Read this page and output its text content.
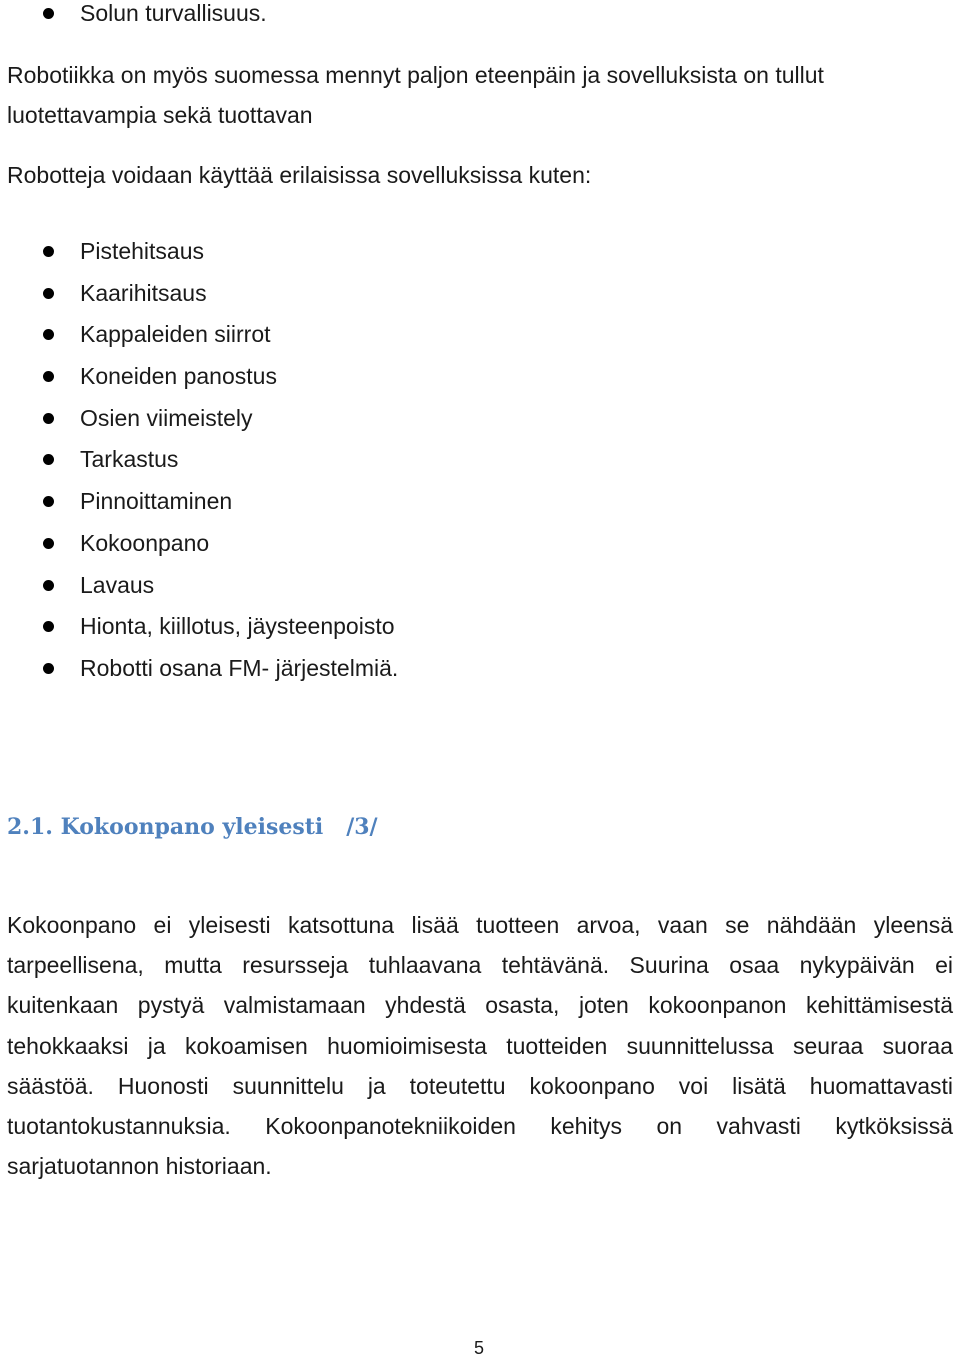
Solun turvallisuus.

Robotiikka on myös suomessa mennyt paljon eteenpäin ja sovelluksista on tullut luotettavampia sekä tuottavan

Robotteja voidaan käyttää erilaisissa sovelluksissa kuten:

Pistehitsaus
Kaarihitsaus
Kappaleiden siirrot
Koneiden panostus
Osien viimeistely
Tarkastus
Pinnoittaminen
Kokoonpano
Lavaus
Hionta, kiillotus, jäysteenpoisto
Robotti osana FM- järjestelmiä.
2.1. Kokoonpano yleisesti   /3/

Kokoonpano ei yleisesti katsottuna lisää tuotteen arvoa, vaan se nähdään yleensä tarpeellisena, mutta resursseja tuhlaavana tehtävänä. Suurina osaa nykypäivän ei kuitenkaan pystyä valmistamaan yhdestä osasta, joten kokoonpanon kehittämisestä tehokkaaksi ja kokoamisen huomioimisesta tuotteiden suunnittelussa seuraa suoraa säästöä. Huonosti suunnittelu ja toteutettu kokoonpano voi lisätä huomattavasti tuotantokustannuksia. Kokoonpanotekniikoiden kehitys on vahvasti kytköksissä sarjatuotannon historiaan.

5
